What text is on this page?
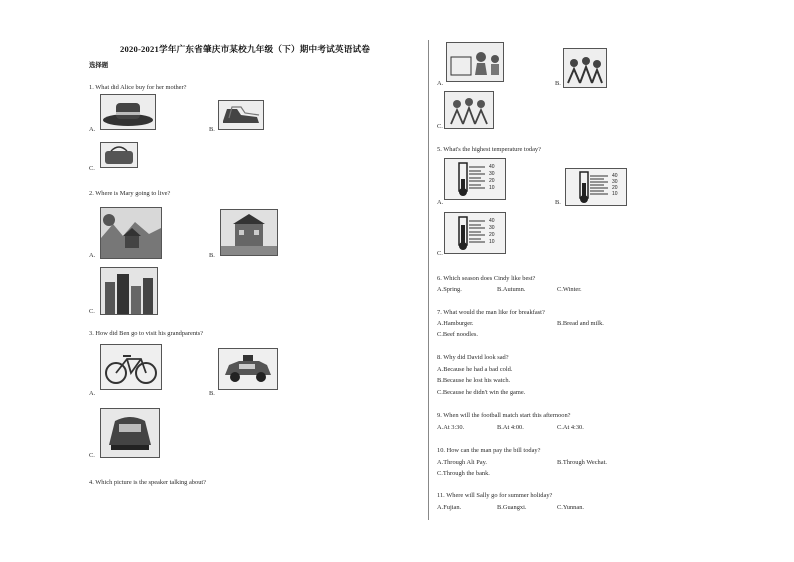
2020-2021学年广东省肇庆市某校九年级（下）期中考试英语试卷
选择题
1. What did Alice buy for her mother?
A.	B.
C.
2. Where is Mary going to live?
A.	B.
C.
3. How did Ben go to visit his grandparents?
A.	B.
C.
4. Which picture is the speaker talking about?
A.	B.
C.
5. What's the highest temperature today?
40
30
20
10
A.
40
30
20
10
B.
40
30
20
10
C.
6. Which season does Cindy like best?
A.Spring.	B.Autumn.	C.Winter.
7. What would the man like for breakfast?
A.Hamburger.	B.Bread and milk.
C.Beef noodles.
8. Why did David look sad?
A.Because he had a bad cold.
B.Because he lost his watch.
C.Because he didn't win the game.
9. When will the football match start this afternoon?
A.At 3:30.	B.At 4:00.	C.At 4:30.
10. How can the man pay the bill today?
A.Through Ali Pay.	B.Through Wechat.
C.Through the bank.
11. Where will Sally go for summer holiday?
A.Fujian.	B.Guangxi.	C.Yunnan.
